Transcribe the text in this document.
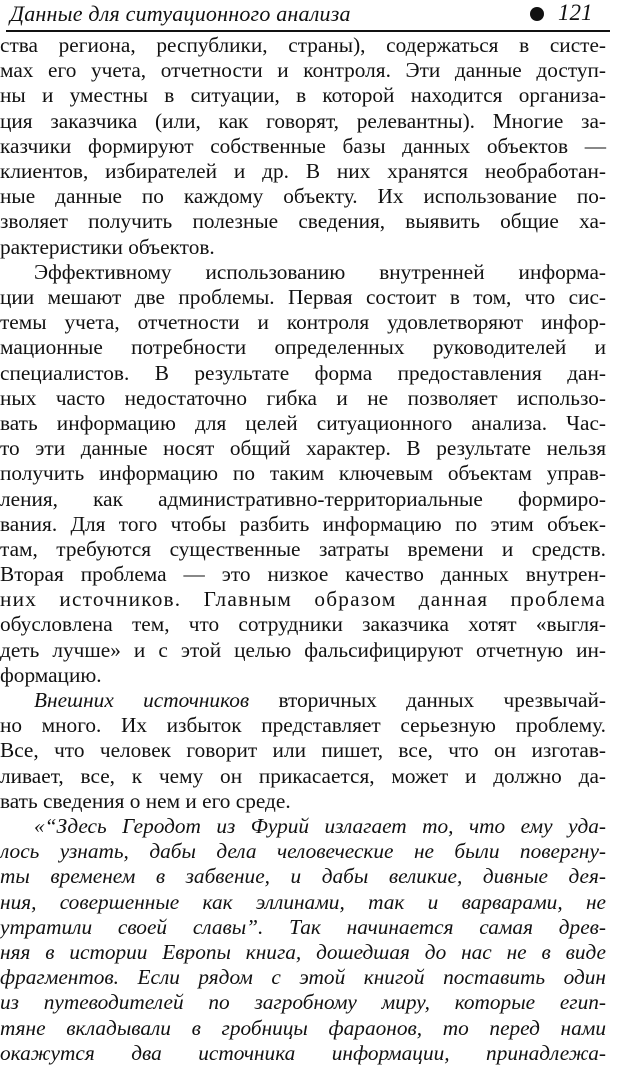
Данные для ситуационного анализа	121
ства региона, республики, страны), содержаться в систе-
мах его учета, отчетности и контроля. Эти данные доступ-
ны и уместны в ситуации, в которой находится организа-
ция заказчика (или, как говорят, релевантны). Многие за-
казчики формируют собственные базы данных объектов —
клиентов, избирателей и др. В них хранятся необработан-
ные данные по каждому объекту. Их использование по-
зволяет получить полезные сведения, выявить общие ха-
рактеристики объектов.
Эффективному использованию внутренней информа-
ции мешают две проблемы. Первая состоит в том, что сис-
темы учета, отчетности и контроля удовлетворяют инфор-
мационные потребности определенных руководителей и
специалистов. В результате форма предоставления дан-
ных часто недостаточно гибка и не позволяет использо-
вать информацию для целей ситуационного анализа. Час-
то эти данные носят общий характер. В результате нельзя
получить информацию по таким ключевым объектам управ-
ления, как административно-территориальные формиро-
вания. Для того чтобы разбить информацию по этим объек-
там, требуются существенные затраты времени и средств.
Вторая проблема — это низкое качество данных внутрен-
них источников. Главным образом данная проблема
обусловлена тем, что сотрудники заказчика хотят «выгля-
деть лучше» и с этой целью фальсифицируют отчетную ин-
формацию.
Внешних источников вторичных данных чрезвычай-
но много. Их избыток представляет серьезную проблему.
Все, что человек говорит или пишет, все, что он изготав-
ливает, все, к чему он прикасается, может и должно да-
вать сведения о нем и его среде.
«“Здесь Геродот из Фурий излагает то, что ему уда-
лось узнать, дабы дела человеческие не были повергну-
ты временем в забвение, и дабы великие, дивные дея-
ния, совершенные как эллинами, так и варварами, не
утратили своей славы”. Так начинается самая древ-
няя в истории Европы книга, дошедшая до нас не в виде
фрагментов. Если рядом с этой книгой поставить один
из путеводителей по загробному миру, которые егип-
тяне вкладывали в гробницы фараонов, то перед нами
окажутся два источника информации, принадлежа-
